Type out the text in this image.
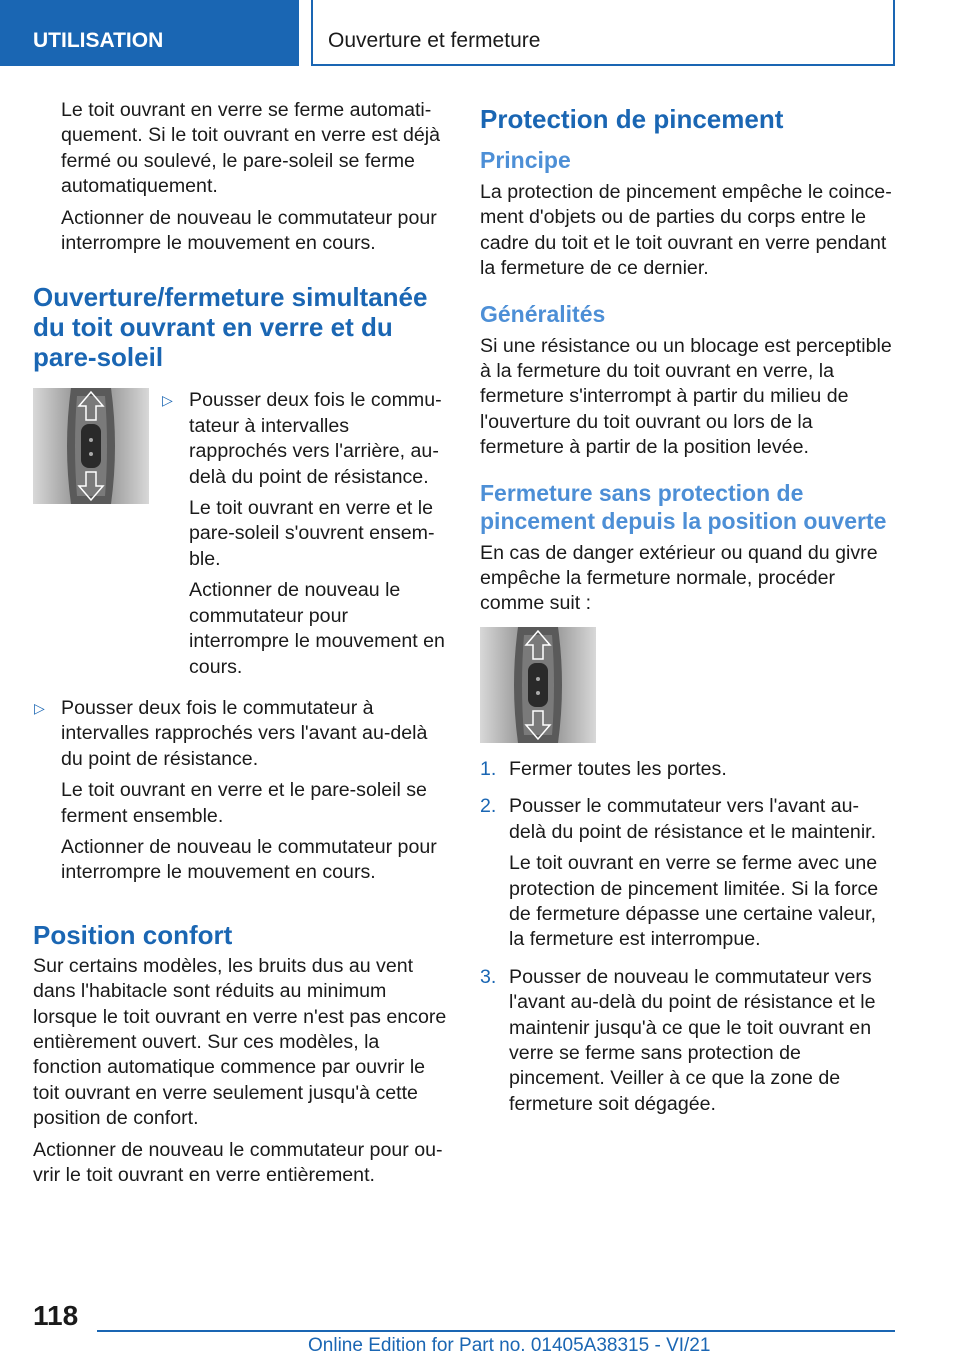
UTILISATION	Ouverture et fermeture

Le toit ouvrant en verre se ferme automatiquement. Si le toit ouvrant en verre est déjà fermé ou soulevé, le pare-soleil se ferme automatiquement.

Actionner de nouveau le commutateur pour interrompre le mouvement en cours.

Ouverture/fermeture simultanée du toit ouvrant en verre et du pare-soleil
▷ Pousser deux fois le commutateur à intervalles rapprochés vers l'arrière, au-delà du point de résistance.

Le toit ouvrant en verre et le pare-soleil s'ouvrent ensemble.

Actionner de nouveau le commutateur pour interrompre le mouvement en cours.

▷ Pousser deux fois le commutateur à intervalles rapprochés vers l'avant au-delà du point de résistance.

Le toit ouvrant en verre et le pare-soleil se ferment ensemble.

Actionner de nouveau le commutateur pour interrompre le mouvement en cours.

Position confort

Sur certains modèles, les bruits dus au vent dans l'habitacle sont réduits au minimum lorsque le toit ouvrant en verre n'est pas encore entièrement ouvert. Sur ces modèles, la fonction automatique commence par ouvrir le toit ouvrant en verre seulement jusqu'à cette position de confort.

Actionner de nouveau le commutateur pour ouvrir le toit ouvrant en verre entièrement.

Protection de pincement
Principe

La protection de pincement empêche le coincement d'objets ou de parties du corps entre le cadre du toit et le toit ouvrant en verre pendant la fermeture de ce dernier.

Généralités

Si une résistance ou un blocage est perceptible à la fermeture du toit ouvrant en verre, la fermeture s'interrompt à partir du milieu de l'ouverture du toit ouvrant ou lors de la fermeture à partir de la position levée.

Fermeture sans protection de pincement depuis la position ouverte

En cas de danger extérieur ou quand du givre empêche la fermeture normale, procéder comme suit :

1. Fermer toutes les portes.

2. Pousser le commutateur vers l'avant au-delà du point de résistance et le maintenir.

Le toit ouvrant en verre se ferme avec une protection de pincement limitée. Si la force de fermeture dépasse une certaine valeur, la fermeture est interrompue.

3. Pousser de nouveau le commutateur vers l'avant au-delà du point de résistance et le maintenir jusqu'à ce que le toit ouvrant en verre se ferme sans protection de pincement. Veiller à ce que la zone de fermeture soit dégagée.

118
Online Edition for Part no. 01405A38315 - VI/21
